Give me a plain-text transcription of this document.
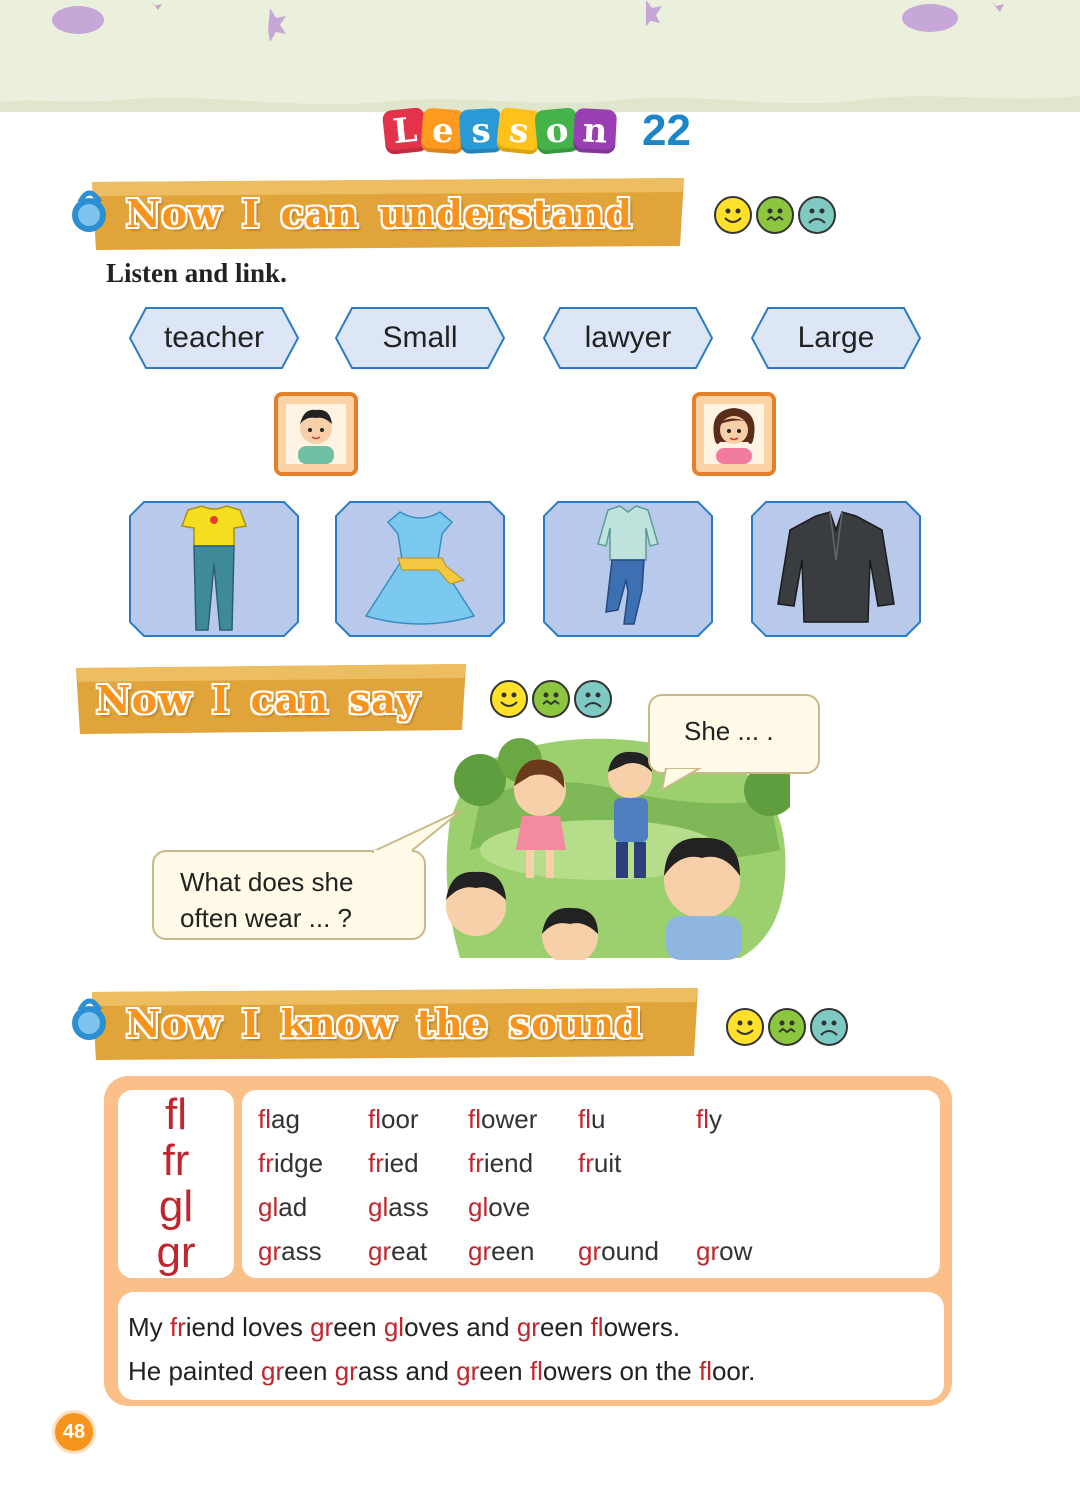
L e s s o n 22
Now I can understand
Listen and link.
teacher	Small	lawyer	Large
Now I can say
She ... .
What does she
often wear ... ?
Now I know the sound
fl
fr
gl
gr
flag	floor flower flu	fly
fridge fried friend fruit
glad glass glove
grass great green ground grow
My friend loves green gloves and green flowers.
He painted green grass and green flowers on the floor.
48
